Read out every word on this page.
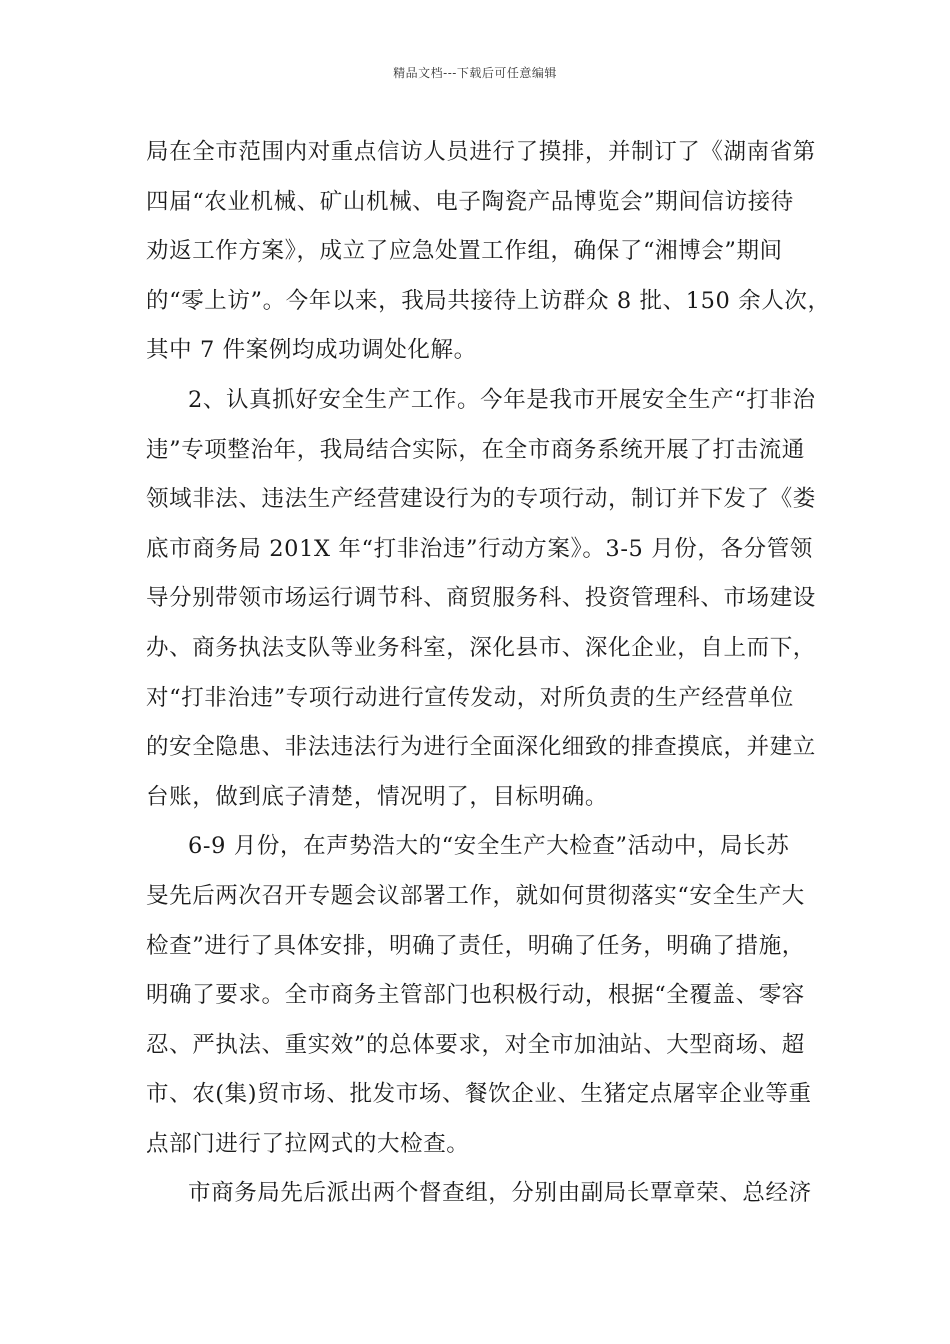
精品文档---下载后可任意编辑
局在全市范围内对重点信访人员进行了摸排，并制订了《湖南省第
四届“农业机械、矿山机械、电子陶瓷产品博览会”期间信访接待
劝返工作方案》，成立了应急处置工作组，确保了“湘博会”期间
的“零上访”。今年以来，我局共接待上访群众 8 批、150 余人次，
其中 7 件案例均成功调处化解。
2、认真抓好安全生产工作。今年是我市开展安全生产“打非治
违”专项整治年，我局结合实际，在全市商务系统开展了打击流通
领域非法、违法生产经营建设行为的专项行动，制订并下发了《娄
底市商务局 201X 年“打非治违”行动方案》。3-5 月份，各分管领
导分别带领市场运行调节科、商贸服务科、投资管理科、市场建设
办、商务执法支队等业务科室，深化县市、深化企业，自上而下，
对“打非治违”专项行动进行宣传发动，对所负责的生产经营单位
的安全隐患、非法违法行为进行全面深化细致的排查摸底，并建立
台账，做到底子清楚，情况明了，目标明确。
6-9 月份，在声势浩大的“安全生产大检查”活动中，局长苏
旻先后两次召开专题会议部署工作，就如何贯彻落实“安全生产大
检查”进行了具体安排，明确了责任，明确了任务，明确了措施，
明确了要求。全市商务主管部门也积极行动，根据“全覆盖、零容
忍、严执法、重实效”的总体要求，对全市加油站、大型商场、超
市、农(集)贸市场、批发市场、餐饮企业、生猪定点屠宰企业等重
点部门进行了拉网式的大检查。
市商务局先后派出两个督查组，分别由副局长覃章荣、总经济
